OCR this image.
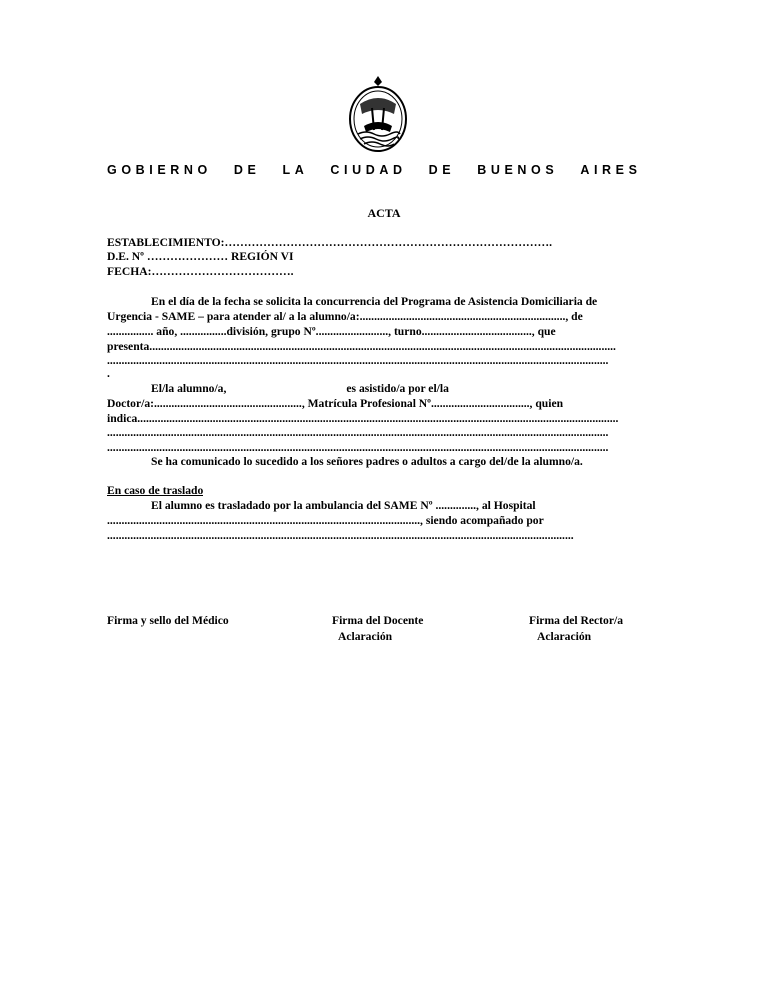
GOBIERNO DE LA CIUDAD DE BUENOS AIRES
ACTA
ESTABLECIMIENTO:………………………………………………………………………….
D.E. Nº ………………… REGIÓN VI
FECHA:……………………………….
En el día de la fecha se solicita la concurrencia del Programa de Asistencia Domiciliaria de
Urgencia - SAME – para atender al/ a la alumno/a:......................................................................., de
................ año, ................división, grupo Nº........................., turno......................................, que
presenta.................................................................................................................................................................
.............................................................................................................................................................................
.
El/la alumno/a,	es asistido/a por el/la
Doctor/a:..................................................., Matrícula Profesional Nº.................................., quien
indica......................................................................................................................................................................
.............................................................................................................................................................................
.............................................................................................................................................................................
Se ha comunicado lo sucedido a los señores padres o adultos a cargo del/de la alumno/a.
En caso de traslado
El alumno es trasladado por la ambulancia del SAME Nº .............., al Hospital
............................................................................................................, siendo acompañado por
.................................................................................................................................................................
Firma y sello del Médico	Firma del Docente
Aclaración
Firma del Rector/a
Aclaración
